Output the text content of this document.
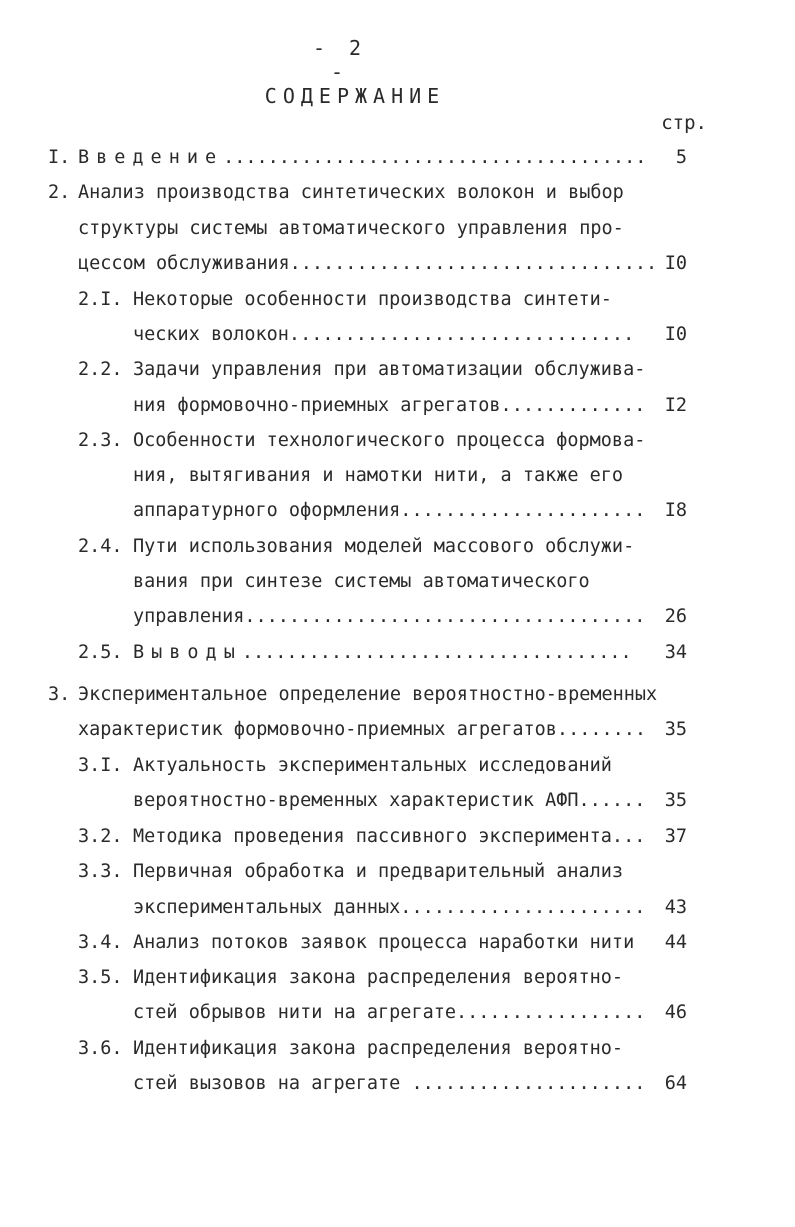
- 2 -
СОДЕРЖАНИЕ
стр.
I. Введение......................................	5
2. Анализ производства синтетических волокон и выбор
структуры системы автоматического управления про-
цессом обслуживания................................. I0
2.I. Некоторые особенности производства синтети-
ческих волокон...............................	I0
2.2. Задачи управления при автоматизации обслужива-
ния формовочно-приемных агрегатов.............	I2
2.3. Особенности технологического процесса формова-
ния, вытягивания и намотки нити, а также его
аппаратурного оформления......................	I8
2.4. Пути использования моделей массового обслужи-
вания при синтезе системы автоматического
управления....................................	26
2.5. Выводы...................................	34
3. Экспериментальное определение вероятностно-временных
характеристик формовочно-приемных агрегатов........	35
3.I. Актуальность экспериментальных исследований
вероятностно-временных характеристик АФП......	35
3.2. Методика проведения пассивного эксперимента...	37
3.3. Первичная обработка и предварительный анализ
экспериментальных данных......................	43
3.4. Анализ потоков заявок процесса наработки нити	44
3.5. Идентификация закона распределения вероятно-
стей обрывов нити на агрегате.................	46
3.6. Идентификация закона распределения вероятно-
стей вызовов на агрегате .....................	64
